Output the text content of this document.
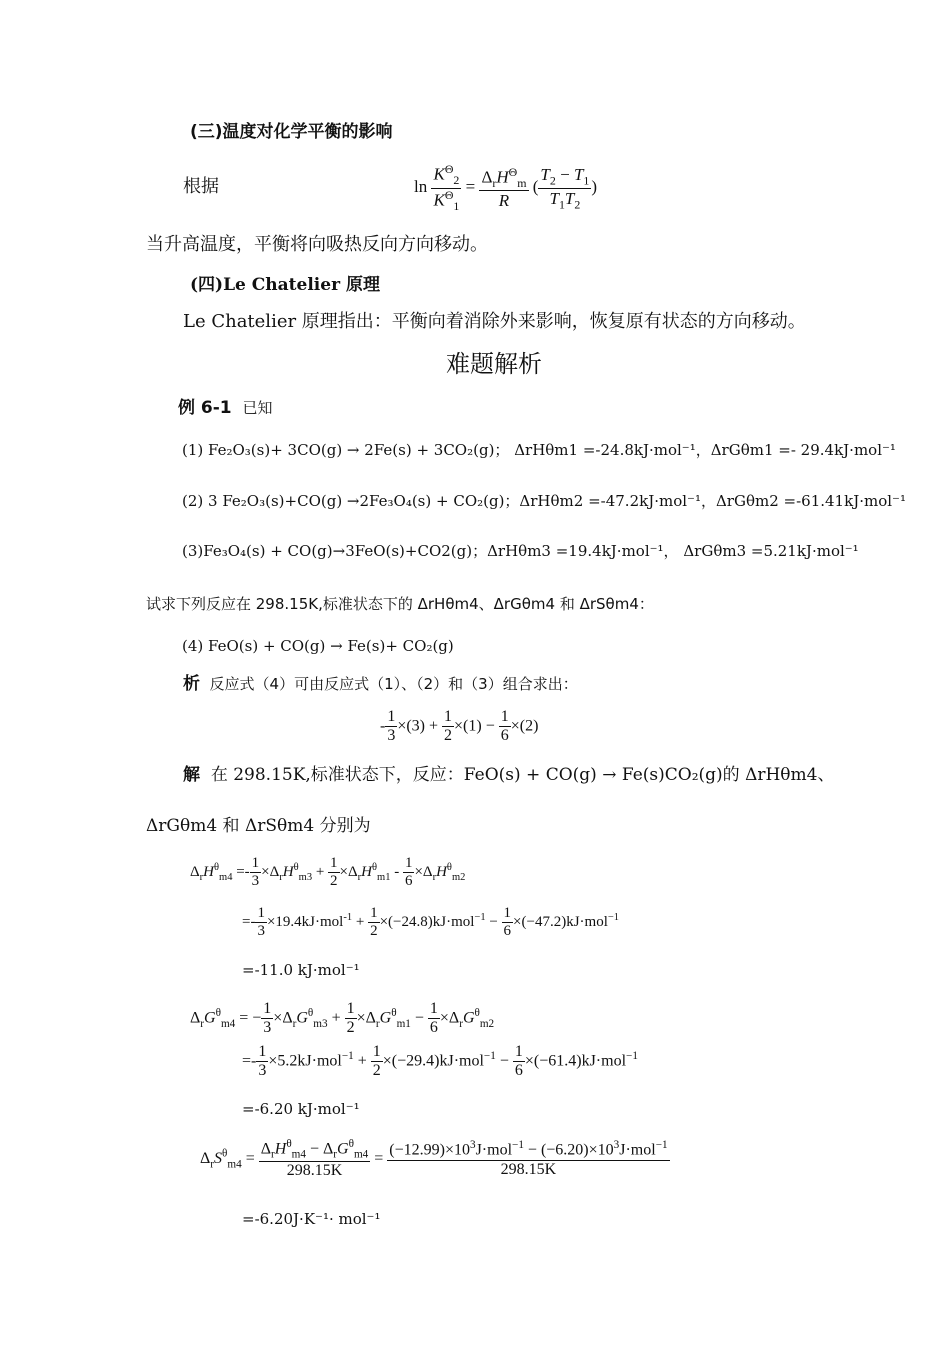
(三)温度对化学平衡的影响
根据	$\ln \frac{K^\Theta_2}{K^\Theta_1} = \frac{\Delta_rH^\Theta_m}{R}$ ( $\frac{T_2 - T_1}{T_1T_2}$ )
当升高温度，平衡将向吸热反向方向移动。
(四)Le Chatelier 原理
Le Chatelier 原理指出：平衡向着消除外来影响，恢复原有状态的方向移动。
难题解析
例 6-1 已知
(1) Fe₂O₃(s)+ 3CO(g) → 2Fe(s) + 3CO₂(g)； ΔrHθm1 =-24.8kJ·mol⁻¹，ΔrGθm1 =- 29.4kJ·mol⁻¹
(2) 3 Fe₂O₃(s)+CO(g) →2Fe₃O₄(s) + CO₂(g)；ΔrHθm2 =-47.2kJ·mol⁻¹，ΔrGθm2 =-61.41kJ·mol⁻¹
(3)Fe₃O₄(s) + CO(g)→3FeO(s)+CO2(g)；ΔrHθm3 =19.4kJ·mol⁻¹， ΔrGθm3 =5.21kJ·mol⁻¹
试求下列反应在 298.15K,标准状态下的 ΔrHθm4、ΔrGθm4 和 ΔrSθm4：
(4) FeO(s) + CO(g) → Fe(s)+ CO₂(g)
析 反应式（4）可由反应式（1）、（2）和（3）组合求出：
- $\frac{1}{3} \times(3) + \frac{1}{2} \times(1) - \frac{1}{6} \times(2)$
解 在 298.15K,标准状态下，反应：FeO(s) + CO(g) → Fe(s)CO₂(g)的 ΔrHθm4、
ΔrGθm4 和 ΔrSθm4 分别为
$\Delta_rH^\theta_{m4} =- \frac{1}{3} \times\Delta_rH^\theta_{m3} + \frac{1}{2} \times\Delta_rH^\theta_{m1} - \frac{1}{6} \times\Delta_rH^\theta_{m2}$
=- $\frac{1}{3} \times 19.4kJ\cdot mol^{-1} + \frac{1}{2} \times(-24.8)kJ\cdot mol^{-1} - \frac{1}{6} \times(-47.2)kJ\cdot mol^{-1}$
=-11.0 kJ·mol⁻¹
$\Delta_rG^\theta_{m4}$ = − $\frac{1}{3} \times\Delta_rG^\theta_{m3} + \frac{1}{2} \times\Delta_rG^\theta_{m1} - \frac{1}{6} \times\Delta_rG^\theta_{m2}$
=- $\frac{1}{3} \times 5.2kJ\cdot mol^{-1} + \frac{1}{2} \times(-29.4)kJ\cdot mol^{-1} - \frac{1}{6} \times(-61.4)kJ\cdot mol^{-1}$
=-6.20 kJ·mol⁻¹
$\Delta_rS^\theta_{m4} = \frac{\Delta_rH^\theta_{m4} - \Delta_rG^\theta_{m4}}{298.15K} = \frac{(-12.99)\times 10^3J\cdot mol^{-1} - (-6.20)\times 10^3J\cdot mol^{-1}}{298.15K}$
=-6.20J·K⁻¹· mol⁻¹
